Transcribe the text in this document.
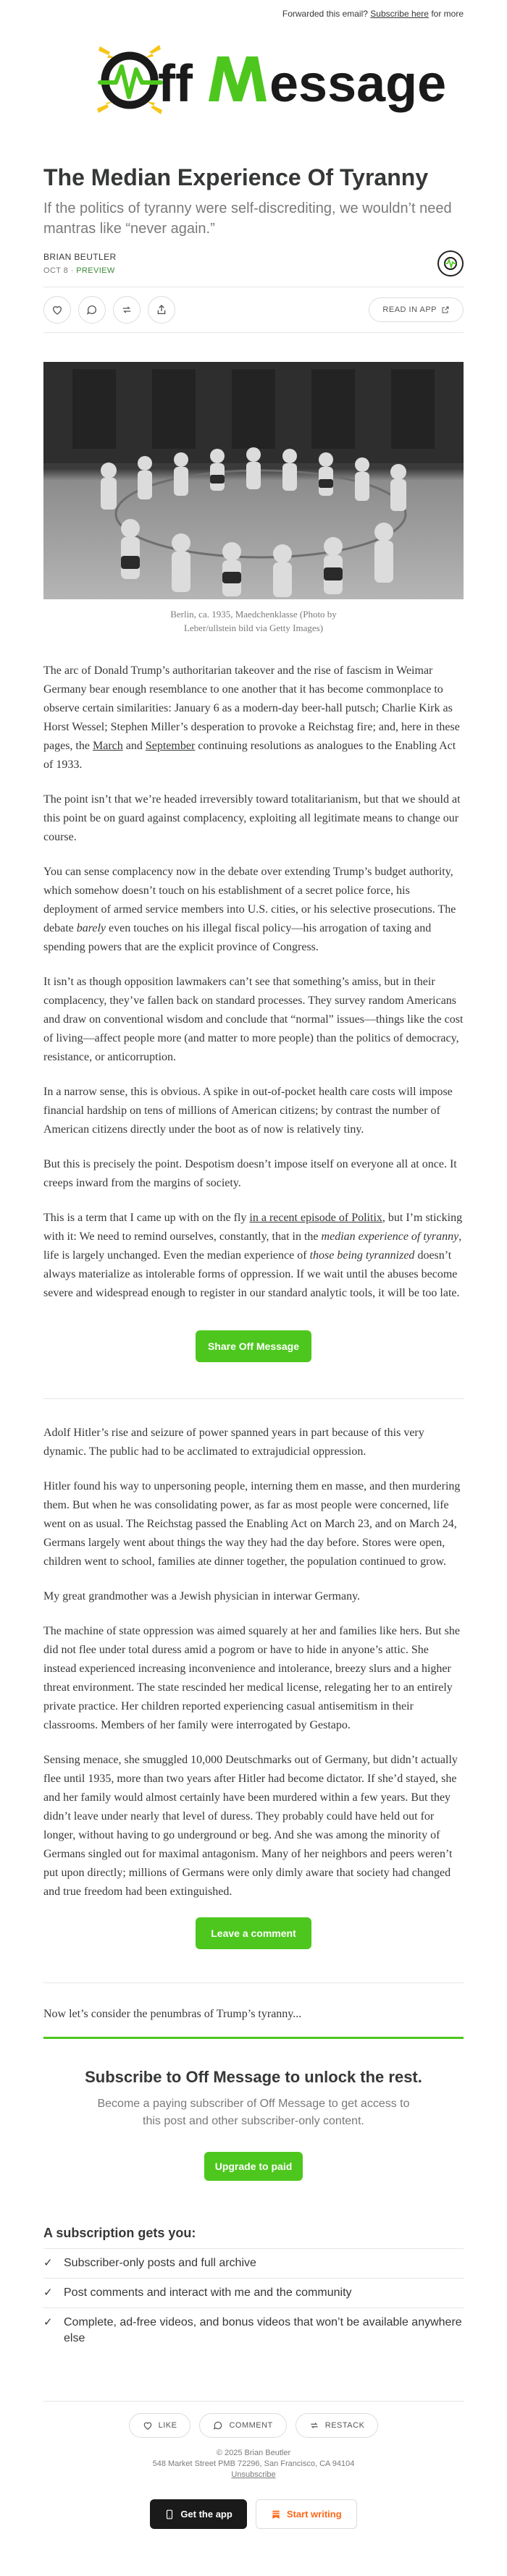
Forwarded this email? Subscribe here for more
ff essage
The Median Experience Of Tyranny
If the politics of tyranny were self-discrediting, we wouldn’t need mantras like “never again.”
BRIAN BEUTLER
OCT 8 · PREVIEW
READ IN APP
Berlin, ca. 1935, Maedchenklasse (Photo by Leber/ullstein bild via Getty Images)

The arc of Donald Trump’s authoritarian takeover and the rise of fascism in Weimar Germany bear enough resemblance to one another that it has become commonplace to observe certain similarities: January 6 as a modern-day beer-hall putsch; Charlie Kirk as Horst Wessel; Stephen Miller’s desperation to provoke a Reichstag fire; and, here in these pages, the March and September continuing resolutions as analogues to the Enabling Act of 1933.

The point isn’t that we’re headed irreversibly toward totalitarianism, but that we should at this point be on guard against complacency, exploiting all legitimate means to change our course.

You can sense complacency now in the debate over extending Trump’s budget authority, which somehow doesn’t touch on his establishment of a secret police force, his deployment of armed service members into U.S. cities, or his selective prosecutions. The debate barely even touches on his illegal fiscal policy—his arrogation of taxing and spending powers that are the explicit province of Congress.

It isn’t as though opposition lawmakers can’t see that something’s amiss, but in their complacency, they’ve fallen back on standard processes. They survey random Americans and draw on conventional wisdom and conclude that “normal” issues—things like the cost of living—affect people more (and matter to more people) than the politics of democracy, resistance, or anticorruption.

In a narrow sense, this is obvious. A spike in out-of-pocket health care costs will impose financial hardship on tens of millions of American citizens; by contrast the number of American citizens directly under the boot as of now is relatively tiny.

But this is precisely the point. Despotism doesn’t impose itself on everyone all at once. It creeps inward from the margins of society.

This is a term that I came up with on the fly in a recent episode of Politix, but I’m sticking with it: We need to remind ourselves, constantly, that in the median experience of tyranny, life is largely unchanged. Even the median experience of those being tyrannized doesn’t always materialize as intolerable forms of oppression. If we wait until the abuses become severe and widespread enough to register in our standard analytic tools, it will be too late.

Share Off Message

Adolf Hitler’s rise and seizure of power spanned years in part because of this very dynamic. The public had to be acclimated to extrajudicial oppression.

Hitler found his way to unpersoning people, interning them en masse, and then murdering them. But when he was consolidating power, as far as most people were concerned, life went on as usual. The Reichstag passed the Enabling Act on March 23, and on March 24, Germans largely went about things the way they had the day before. Stores were open, children went to school, families ate dinner together, the population continued to grow.

My great grandmother was a Jewish physician in interwar Germany.

The machine of state oppression was aimed squarely at her and families like hers. But she did not flee under total duress amid a pogrom or have to hide in anyone’s attic. She instead experienced increasing inconvenience and intolerance, breezy slurs and a higher threat environment. The state rescinded her medical license, relegating her to an entirely private practice. Her children reported experiencing casual antisemitism in their classrooms. Members of her family were interrogated by Gestapo.

Sensing menace, she smuggled 10,000 Deutschmarks out of Germany, but didn’t actually flee until 1935, more than two years after Hitler had become dictator. If she’d stayed, she and her family would almost certainly have been murdered within a few years. But they didn’t leave under nearly that level of duress. They probably could have held out for longer, without having to go underground or beg. And she was among the minority of Germans singled out for maximal antagonism. Many of her neighbors and peers weren’t put upon directly; millions of Germans were only dimly aware that society had changed and true freedom had been extinguished.

Leave a comment

Now let’s consider the penumbras of Trump’s tyranny...

Subscribe to Off Message to unlock the rest.
Become a paying subscriber of Off Message to get access to this post and other subscriber-only content.
Upgrade to paid
A subscription gets you:
✓ Subscriber-only posts and full archive
✓ Post comments and interact with me and the community
✓ Complete, ad-free videos, and bonus videos that won’t be available anywhere else
LIKE	COMMENT	RESTACK
© 2025 Brian Beutler
548 Market Street PMB 72296, San Francisco, CA 94104
Unsubscribe
Get the app	Start writing
